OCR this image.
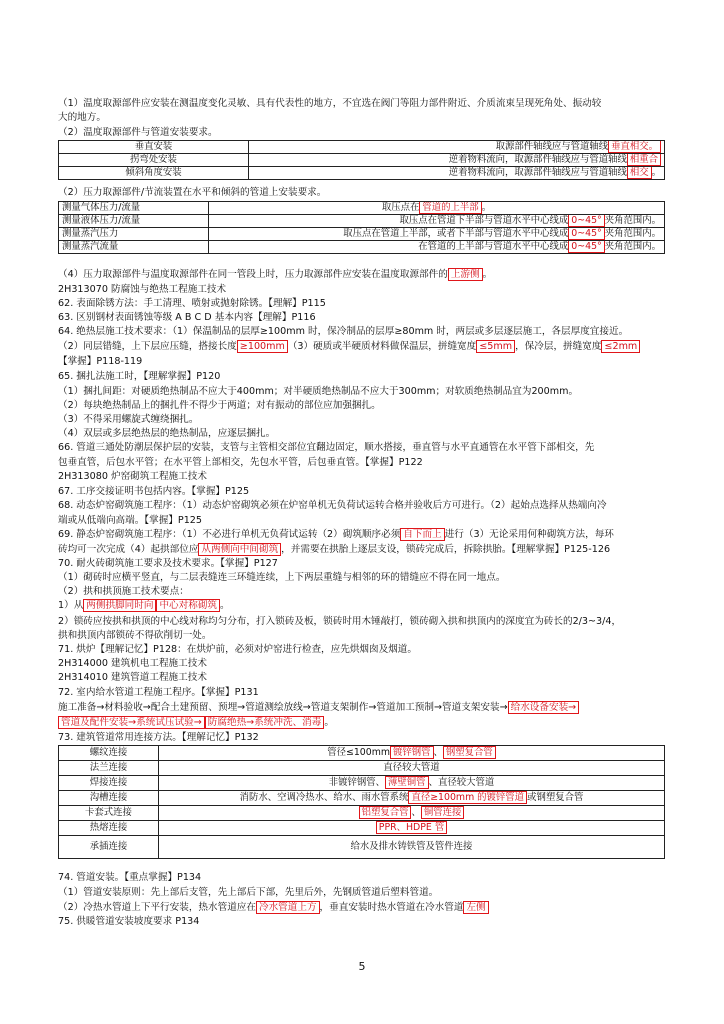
（1）温度取源部件应安装在测温度变化灵敏、具有代表性的地方，不宜选在阀门等阻力部件附近、介质流束呈现死角处、振动较
大的地方。
（2）温度取源部件与管道安装要求。
垂直安装	取源部件轴线应与管道轴线 垂直相交。
拐弯处安装	逆着物料流向，取源部件轴线应与管道轴线 相重合
倾斜角度安装	逆着物料流向，取源部件轴线应与管道轴线 相交 。
（2）压力取源部件/节流装置在水平和倾斜的管道上安装要求。
测量气体压力/流量	取压点在 管道的上半部 。
测量液体压力/流量	取压点在管道下半部与管道水平中心线成 0~45° 夹角范围内。
测量蒸汽压力	取压点在管道上半部，或者下半部与管道水平中心线成 0~45° 夹角范围内。
测量蒸汽流量	在管道的上半部与管道水平中心线成 0~45° 夹角范围内。
（4）压力取源部件与温度取源部件在同一管段上时，压力取源部件应安装在温度取源部件的 上游侧 。
2H313070 防腐蚀与绝热工程施工技术
62. 表面除锈方法：手工清理、喷射或抛射除锈。【理解】P115
63. 区别钢材表面锈蚀等级 A B C D 基本内容【理解】P116
64. 绝热层施工技术要求：（1）保温制品的层厚≥100mm 时，保冷制品的层厚≥80mm 时，两层或多层逐层施工，各层厚度宜接近。
（2）同层错缝，上下层应压缝，搭接长度 ≥100mm （3）硬质或半硬质材料做保温层，拼缝宽度 ≤5mm ，保冷层，拼缝宽度 ≤2mm
【掌握】P118-119
65. 捆扎法施工时，【理解掌握】P120
（1）捆扎间距：对硬质绝热制品不应大于400mm；对半硬质绝热制品不应大于300mm；对软质绝热制品宜为200mm。
（2）每块绝热制品上的捆扎件不得少于两道；对有振动的部位应加强捆扎。
（3）不得采用螺旋式缠绕捆扎。
（4）双层或多层绝热层的绝热制品，应逐层捆扎。
66. 管道三通处防潮层保护层的安装，支管与主管相交部位宜翻边固定，顺水搭接，垂直管与水平直通管在水平管下部相交，先
包垂直管，后包水平管；在水平管上部相交，先包水平管，后包垂直管。【掌握】P122
2H313080 炉窑砌筑工程施工技术
67. 工序交接证明书包括内容。【掌握】P125
68. 动态炉窑砌筑施工程序：（1）动态炉窑砌筑必须在炉窑单机无负荷试运转合格并验收后方可进行。（2）起始点选择从热端向冷
端或从低端向高端。【掌握】P125
69. 静态炉窑砌筑施工程序：（1）不必进行单机无负荷试运转（2）砌筑顺序必须 自下而上 进行（3）无论采用何种砌筑方法，每环
砖均可一次完成（4）起拱部位应 从两侧向中间砌筑 ，并需要在拱胎上逐层支设，锁砖完成后，拆除拱胎。【理解掌握】P125-126
70. 耐火砖砌筑施工要求及技术要求。【掌握】P127
（1）砌砖时应横平竖直，与二层表缝连三环缝连续，上下两层重缝与相邻的环的错缝应不得在同一地点。
（2）拱和拱顶施工技术要点：
1）从 两侧拱脚同时向 中心对称砌筑 。
2）锁砖应按拱和拱顶的中心线对称均匀分布，打入锁砖及板，锁砖时用木锤敲打，锁砖砌入拱和拱顶内的深度宜为砖长的2/3~3/4，
拱和拱顶内部锁砖不得砍削切一处。
71. 烘炉【理解记忆】P128：在烘炉前，必须对炉窑进行检查，应先烘烟囱及烟道。
2H314000 建筑机电工程施工技术
2H314010 建筑管道工程施工技术
72. 室内给水管道工程施工程序。【掌握】P131
施工准备→材料验收→配合土建预留、预埋→管道测绘放线→管道支架制作→管道加工预制→管道支架安装→ 给水设备安装→
管道及配件安装→系统试压试验→ 防腐绝热→系统冲洗、消毒 。
73. 建筑管道常用连接方法。【理解记忆】P132
螺纹连接	管径≤100mm 镀锌钢管 、 钢塑复合管
法兰连接	直径较大管道
焊接连接	非镀锌钢管、 薄壁铜管 、直径较大管道
沟槽连接	消防水、空调冷热水、给水、雨水管系统 直径≥100mm 的镀锌管道 或钢塑复合管
卡套式连接	铝塑复合管 、 铜管连接
热熔连接	PPR、HDPE 管
承插连接	给水及排水铸铁管及管件连接
74. 管道安装。【重点掌握】P134
（1）管道安装原则：先上部后支管，先上部后下部，先里后外，先钢质管道后塑料管道。
（2）冷热水管道上下平行安装，热水管道应在 冷水管道上方 ，垂直安装时热水管道在冷水管道 左侧
75. 供暖管道安装坡度要求 P134
5
